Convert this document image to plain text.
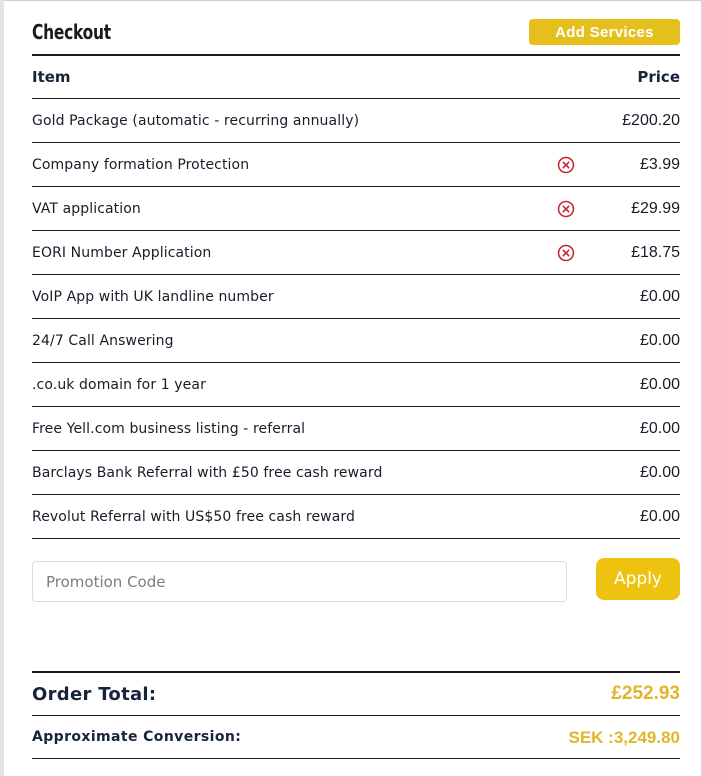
Checkout	Add Services
Item		Price
Gold Package (automatic - recurring annually)		£200.20
Company formation Protection		£3.99
VAT application		£29.99
EORI Number Application		£18.75
VoIP App with UK landline number		£0.00
24/7 Call Answering		£0.00
.co.uk domain for 1 year		£0.00
Free Yell.com business listing - referral		£0.00
Barclays Bank Referral with £50 free cash reward		£0.00
Revolut Referral with US$50 free cash reward		£0.00
Promotion Code
Apply
Order Total:	£252.93
Approximate Conversion:	SEK :3,249.80
